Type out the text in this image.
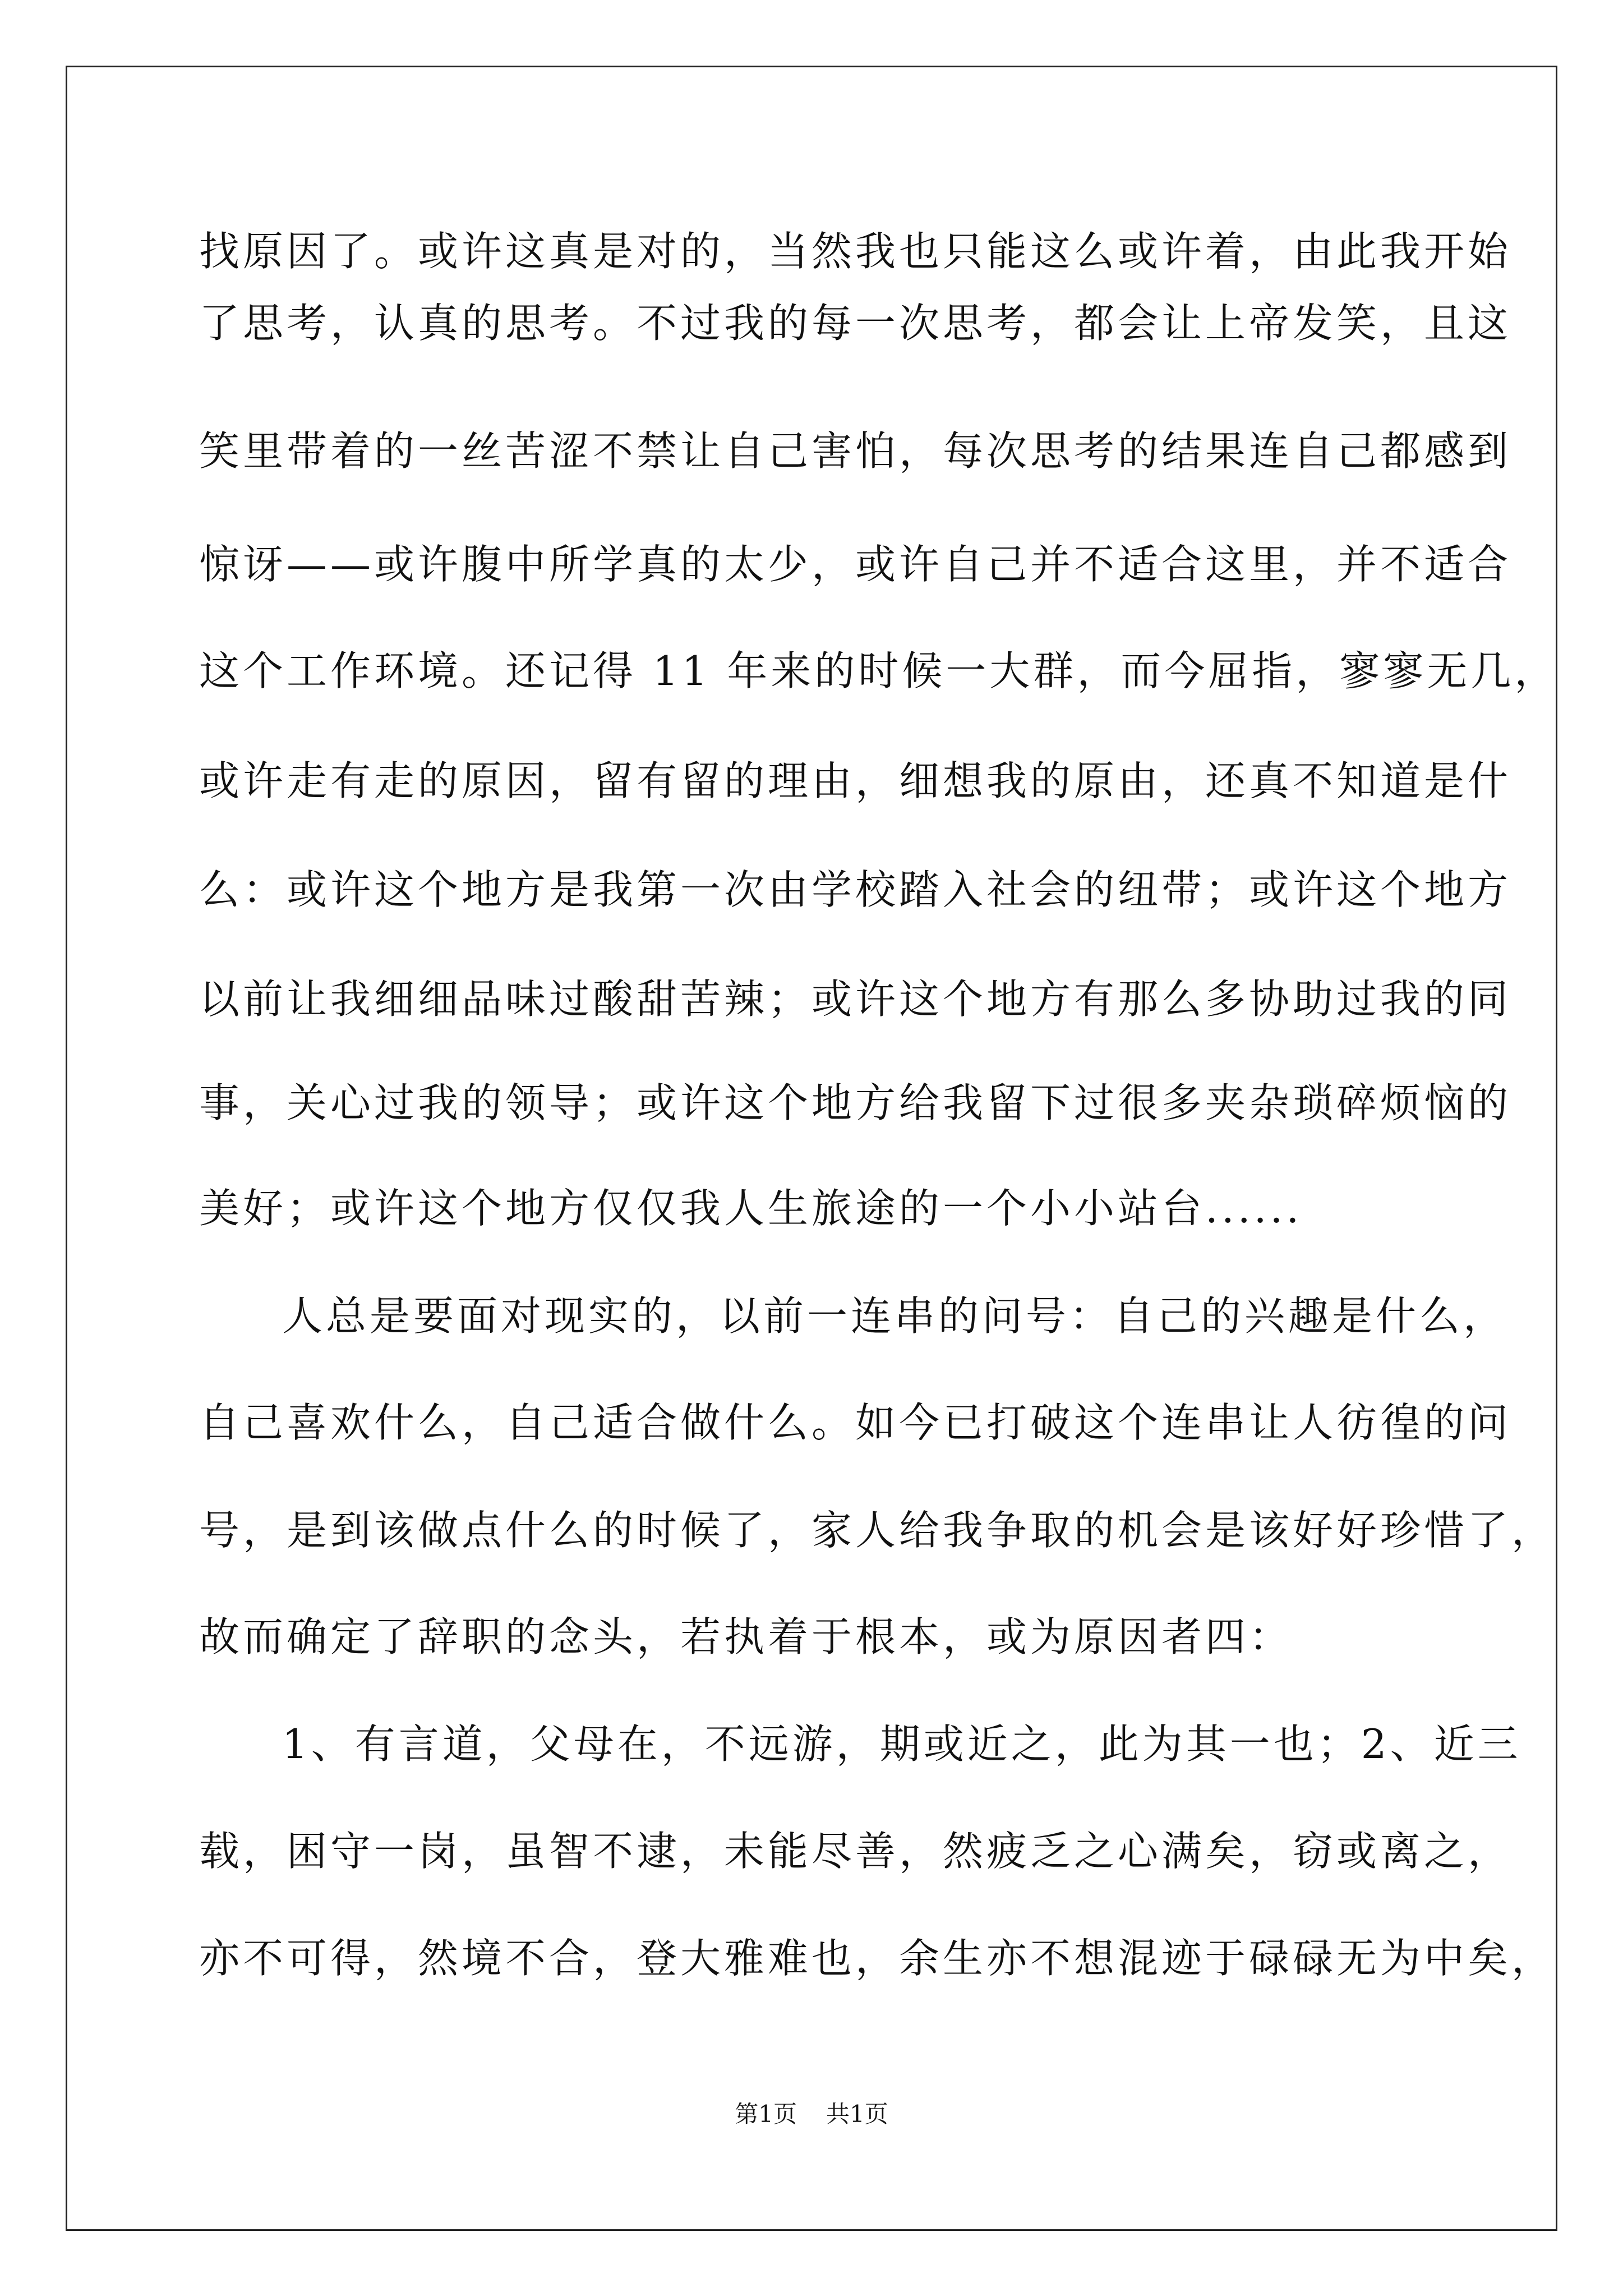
找原因了。或许这真是对的，当然我也只能这么或许着，由此我开始
了思考，认真的思考。不过我的每一次思考，都会让上帝发笑，且这
笑里带着的一丝苦涩不禁让自己害怕，每次思考的结果连自己都感到
惊讶——或许腹中所学真的太少，或许自己并不适合这里，并不适合
这个工作环境。还记得 11 年来的时候一大群，而今屈指，寥寥无几，
或许走有走的原因，留有留的理由，细想我的原由，还真不知道是什
么：或许这个地方是我第一次由学校踏入社会的纽带；或许这个地方
以前让我细细品味过酸甜苦辣；或许这个地方有那么多协助过我的同
事，关心过我的领导；或许这个地方给我留下过很多夹杂琐碎烦恼的
美好；或许这个地方仅仅我人生旅途的一个小小站台......
人总是要面对现实的，以前一连串的问号：自己的兴趣是什么，
自己喜欢什么，自己适合做什么。如今已打破这个连串让人彷徨的问
号，是到该做点什么的时候了，家人给我争取的机会是该好好珍惜了，
故而确定了辞职的念头，若执着于根本，或为原因者四：
1、有言道，父母在，不远游，期或近之，此为其一也；2、近三
载，困守一岗，虽智不逮，未能尽善，然疲乏之心满矣，窃或离之，
亦不可得，然境不合，登大雅难也，余生亦不想混迹于碌碌无为中矣，
第1页 共1页
